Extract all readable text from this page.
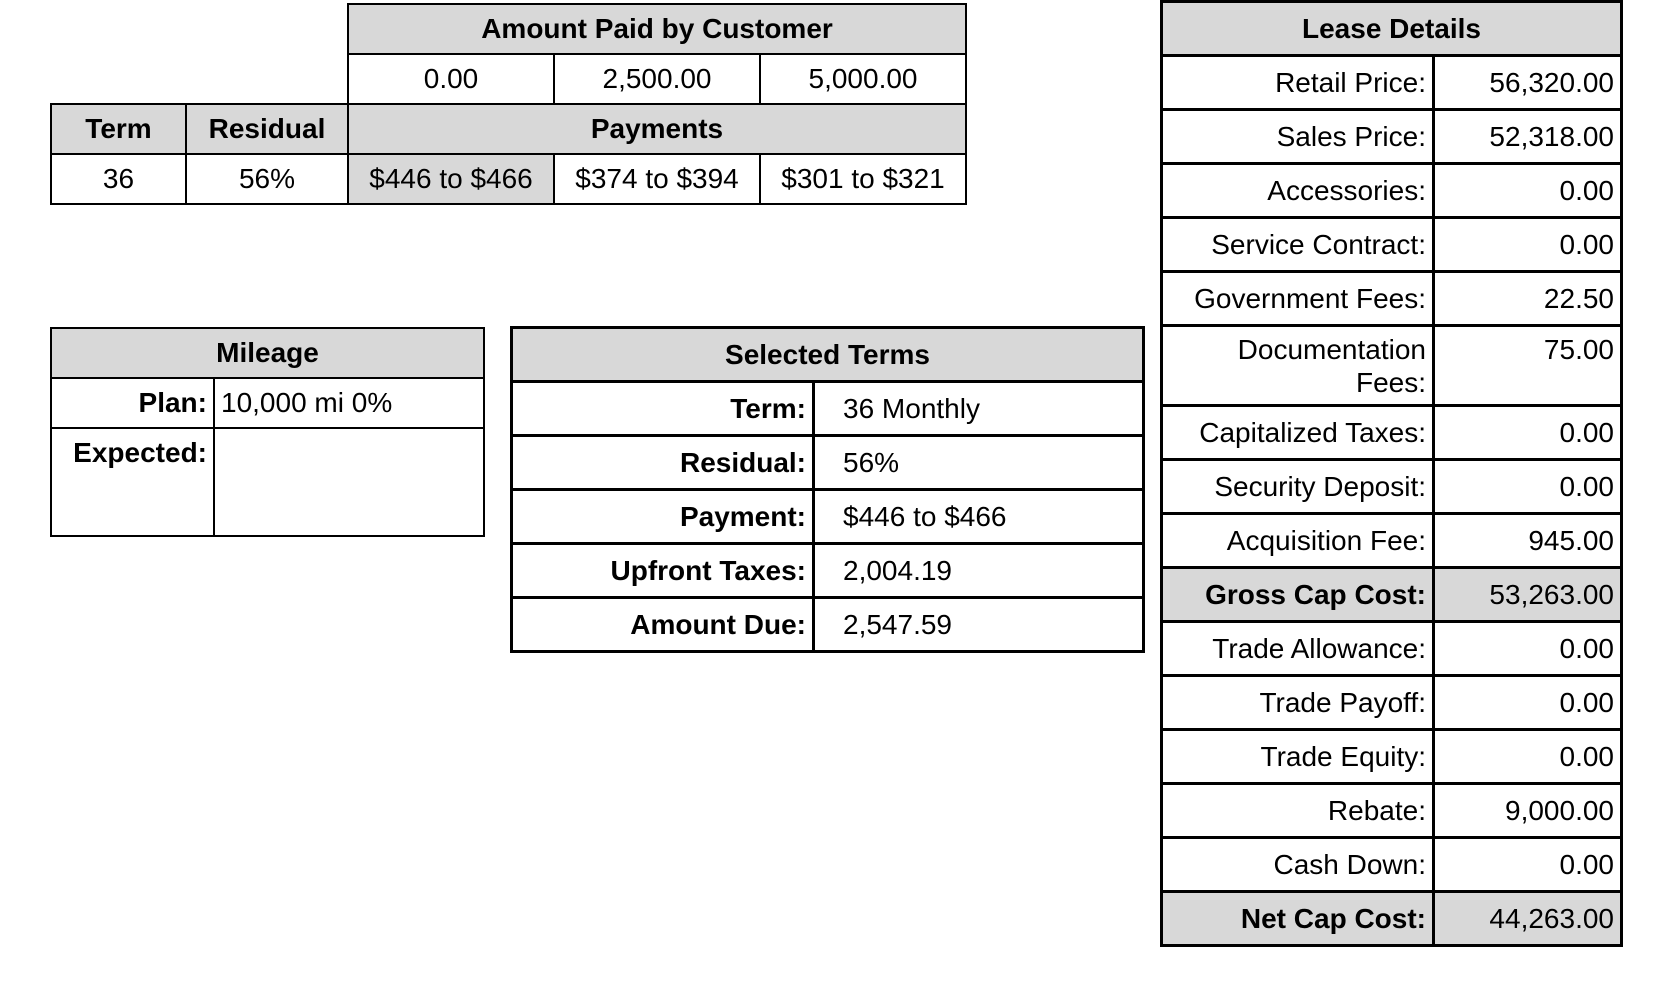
		Amount Paid by Customer		
		0.00	2,500.00	5,000.00
Term	Residual	Payments		
36	56%	$446 to $466	$374 to $394	$301 to $321
Mileage	
Plan:	10,000 mi 0%
Expected:	
Selected Terms	
Term:	36 Monthly
Residual:	56%
Payment:	$446 to $466
Upfront Taxes:	2,004.19
Amount Due:	2,547.59
Lease Details	
Retail Price:	56,320.00
Sales Price:	52,318.00
Accessories:	0.00
Service Contract:	0.00
Government Fees:	22.50
Documentation Fees:	75.00
Capitalized Taxes:	0.00
Security Deposit:	0.00
Acquisition Fee:	945.00
Gross Cap Cost:	53,263.00
Trade Allowance:	0.00
Trade Payoff:	0.00
Trade Equity:	0.00
Rebate:	9,000.00
Cash Down:	0.00
Net Cap Cost:	44,263.00
